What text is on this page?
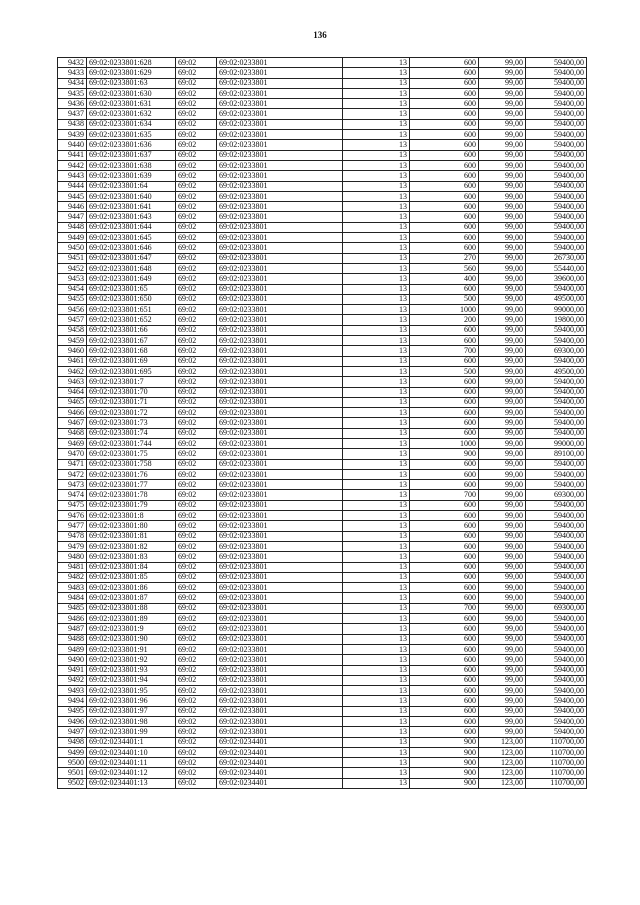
136
9432	69:02:0233801:628	69:02	69:02:0233801	13	600	99,00	59400,00
9433	69:02:0233801:629	69:02	69:02:0233801	13	600	99,00	59400,00
9434	69:02:0233801:63	69:02	69:02:0233801	13	600	99,00	59400,00
9435	69:02:0233801:630	69:02	69:02:0233801	13	600	99,00	59400,00
9436	69:02:0233801:631	69:02	69:02:0233801	13	600	99,00	59400,00
9437	69:02:0233801:632	69:02	69:02:0233801	13	600	99,00	59400,00
9438	69:02:0233801:634	69:02	69:02:0233801	13	600	99,00	59400,00
9439	69:02:0233801:635	69:02	69:02:0233801	13	600	99,00	59400,00
9440	69:02:0233801:636	69:02	69:02:0233801	13	600	99,00	59400,00
9441	69:02:0233801:637	69:02	69:02:0233801	13	600	99,00	59400,00
9442	69:02:0233801:638	69:02	69:02:0233801	13	600	99,00	59400,00
9443	69:02:0233801:639	69:02	69:02:0233801	13	600	99,00	59400,00
9444	69:02:0233801:64	69:02	69:02:0233801	13	600	99,00	59400,00
9445	69:02:0233801:640	69:02	69:02:0233801	13	600	99,00	59400,00
9446	69:02:0233801:641	69:02	69:02:0233801	13	600	99,00	59400,00
9447	69:02:0233801:643	69:02	69:02:0233801	13	600	99,00	59400,00
9448	69:02:0233801:644	69:02	69:02:0233801	13	600	99,00	59400,00
9449	69:02:0233801:645	69:02	69:02:0233801	13	600	99,00	59400,00
9450	69:02:0233801:646	69:02	69:02:0233801	13	600	99,00	59400,00
9451	69:02:0233801:647	69:02	69:02:0233801	13	270	99,00	26730,00
9452	69:02:0233801:648	69:02	69:02:0233801	13	560	99,00	55440,00
9453	69:02:0233801:649	69:02	69:02:0233801	13	400	99,00	39600,00
9454	69:02:0233801:65	69:02	69:02:0233801	13	600	99,00	59400,00
9455	69:02:0233801:650	69:02	69:02:0233801	13	500	99,00	49500,00
9456	69:02:0233801:651	69:02	69:02:0233801	13	1000	99,00	99000,00
9457	69:02:0233801:652	69:02	69:02:0233801	13	200	99,00	19800,00
9458	69:02:0233801:66	69:02	69:02:0233801	13	600	99,00	59400,00
9459	69:02:0233801:67	69:02	69:02:0233801	13	600	99,00	59400,00
9460	69:02:0233801:68	69:02	69:02:0233801	13	700	99,00	69300,00
9461	69:02:0233801:69	69:02	69:02:0233801	13	600	99,00	59400,00
9462	69:02:0233801:695	69:02	69:02:0233801	13	500	99,00	49500,00
9463	69:02:0233801:7	69:02	69:02:0233801	13	600	99,00	59400,00
9464	69:02:0233801:70	69:02	69:02:0233801	13	600	99,00	59400,00
9465	69:02:0233801:71	69:02	69:02:0233801	13	600	99,00	59400,00
9466	69:02:0233801:72	69:02	69:02:0233801	13	600	99,00	59400,00
9467	69:02:0233801:73	69:02	69:02:0233801	13	600	99,00	59400,00
9468	69:02:0233801:74	69:02	69:02:0233801	13	600	99,00	59400,00
9469	69:02:0233801:744	69:02	69:02:0233801	13	1000	99,00	99000,00
9470	69:02:0233801:75	69:02	69:02:0233801	13	900	99,00	89100,00
9471	69:02:0233801:758	69:02	69:02:0233801	13	600	99,00	59400,00
9472	69:02:0233801:76	69:02	69:02:0233801	13	600	99,00	59400,00
9473	69:02:0233801:77	69:02	69:02:0233801	13	600	99,00	59400,00
9474	69:02:0233801:78	69:02	69:02:0233801	13	700	99,00	69300,00
9475	69:02:0233801:79	69:02	69:02:0233801	13	600	99,00	59400,00
9476	69:02:0233801:8	69:02	69:02:0233801	13	600	99,00	59400,00
9477	69:02:0233801:80	69:02	69:02:0233801	13	600	99,00	59400,00
9478	69:02:0233801:81	69:02	69:02:0233801	13	600	99,00	59400,00
9479	69:02:0233801:82	69:02	69:02:0233801	13	600	99,00	59400,00
9480	69:02:0233801:83	69:02	69:02:0233801	13	600	99,00	59400,00
9481	69:02:0233801:84	69:02	69:02:0233801	13	600	99,00	59400,00
9482	69:02:0233801:85	69:02	69:02:0233801	13	600	99,00	59400,00
9483	69:02:0233801:86	69:02	69:02:0233801	13	600	99,00	59400,00
9484	69:02:0233801:87	69:02	69:02:0233801	13	600	99,00	59400,00
9485	69:02:0233801:88	69:02	69:02:0233801	13	700	99,00	69300,00
9486	69:02:0233801:89	69:02	69:02:0233801	13	600	99,00	59400,00
9487	69:02:0233801:9	69:02	69:02:0233801	13	600	99,00	59400,00
9488	69:02:0233801:90	69:02	69:02:0233801	13	600	99,00	59400,00
9489	69:02:0233801:91	69:02	69:02:0233801	13	600	99,00	59400,00
9490	69:02:0233801:92	69:02	69:02:0233801	13	600	99,00	59400,00
9491	69:02:0233801:93	69:02	69:02:0233801	13	600	99,00	59400,00
9492	69:02:0233801:94	69:02	69:02:0233801	13	600	99,00	59400,00
9493	69:02:0233801:95	69:02	69:02:0233801	13	600	99,00	59400,00
9494	69:02:0233801:96	69:02	69:02:0233801	13	600	99,00	59400,00
9495	69:02:0233801:97	69:02	69:02:0233801	13	600	99,00	59400,00
9496	69:02:0233801:98	69:02	69:02:0233801	13	600	99,00	59400,00
9497	69:02:0233801:99	69:02	69:02:0233801	13	600	99,00	59400,00
9498	69:02:0234401:1	69:02	69:02:0234401	13	900	123,00	110700,00
9499	69:02:0234401:10	69:02	69:02:0234401	13	900	123,00	110700,00
9500	69:02:0234401:11	69:02	69:02:0234401	13	900	123,00	110700,00
9501	69:02:0234401:12	69:02	69:02:0234401	13	900	123,00	110700,00
9502	69:02:0234401:13	69:02	69:02:0234401	13	900	123,00	110700,00
